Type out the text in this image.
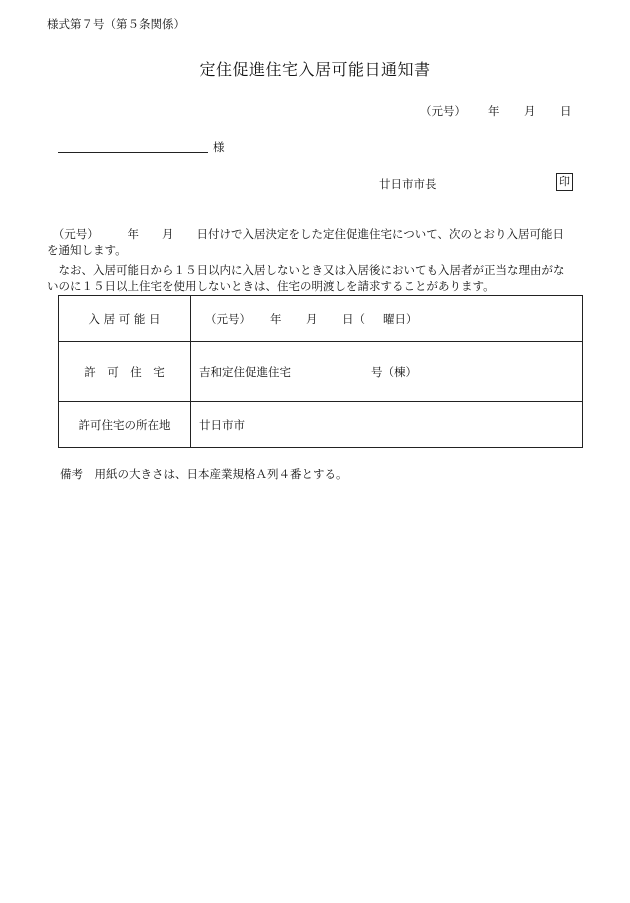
様式第７号（第５条関係）
定住促進住宅入居可能日通知書
（元号） 年 月 日
様
廿日市市長	印
　（元号）　　　年　　月　　日付けで入居決定をした定住促進住宅について、次のとおり入居可能日
を通知します。
　なお、入居可能日から１５日以内に入居しないとき又は入居後においても入居者が正当な理由がな
いのに１５日以上住宅を使用しないときは、住宅の明渡しを請求することがあります。
入 居 可 能 日	（元号） 年 月 日（ 曜日）

許　可　住　宅	吉和定住促進住宅 号（棟）

許可住宅の所在地	廿日市市
備考　用紙の大きさは、日本産業規格Ａ列４番とする。
